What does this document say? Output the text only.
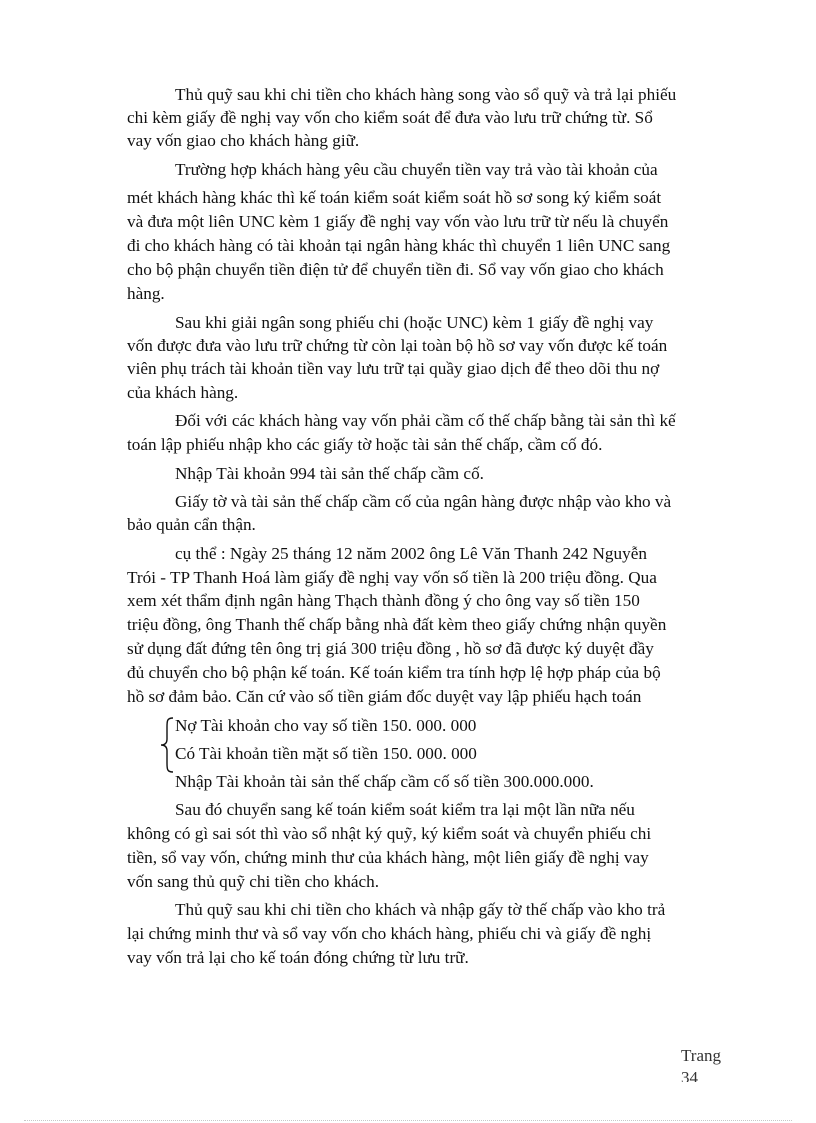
Thủ quỹ sau khi chi tiền cho khách hàng song vào sổ quỹ và trả lại phiếu
chi kèm giấy đề nghị vay vốn cho kiểm soát để đưa vào lưu trữ chứng từ. Sổ
vay vốn giao cho khách hàng giữ.
Trường hợp khách hàng yêu cầu chuyển tiền vay trả vào tài khoản của
mét khách hàng khác thì kế toán kiểm soát kiểm soát hồ sơ song ký kiểm soát
và đưa một liên UNC kèm 1 giấy đề nghị vay vốn vào lưu trữ từ nếu là chuyển
đi cho khách hàng có tài khoản tại ngân hàng khác thì chuyển 1 liên UNC sang
cho bộ phận chuyển tiền điện tử để chuyển tiền đi. Sổ vay vốn giao cho khách
hàng.
Sau khi giải ngân song phiếu chi (hoặc UNC) kèm 1 giấy đề nghị vay
vốn được đưa vào lưu trữ chứng từ còn lại toàn bộ hồ sơ vay vốn được kế toán
viên phụ trách tài khoản tiền vay lưu trữ tại quầy giao dịch để theo dõi thu nợ
của khách hàng.
Đối với các khách hàng vay vốn phải cầm cố thế chấp bằng tài sản thì kế
toán lập phiếu nhập kho các giấy tờ hoặc tài sản thế chấp, cầm cố đó.
Nhập Tài khoản 994 tài sản thế chấp cầm cố.
Giấy tờ và tài sản thế chấp cầm cố của ngân hàng được nhập vào kho và
bảo quản cẩn thận.
cụ thể : Ngày 25 tháng 12 năm 2002 ông Lê Văn Thanh 242 Nguyễn
Trói - TP Thanh Hoá làm giấy đề nghị vay vốn số tiền là 200 triệu đồng. Qua
xem xét thẩm định ngân hàng Thạch thành đồng ý cho ông vay số tiền 150
triệu đồng, ông Thanh thế chấp bằng nhà đất kèm theo giấy chứng nhận quyền
sử dụng đất đứng tên ông trị giá 300 triệu đồng , hồ sơ đã được ký duyệt đầy
đủ chuyển cho bộ phận kế toán. Kế toán kiểm tra tính hợp lệ hợp pháp của bộ
hồ sơ đảm bảo. Căn cứ vào số tiền giám đốc duyệt vay lập phiếu hạch toán
Nợ Tài khoản cho vay số tiền 150. 000. 000
Có Tài khoản tiền mặt số tiền 150. 000. 000
Nhập Tài khoản tài sản thế chấp cầm cố số tiền 300.000.000.
Sau đó chuyển sang kế toán kiểm soát kiểm tra lại một lần nữa nếu
không có gì sai sót thì vào sổ nhật ký quỹ, ký kiểm soát và chuyển phiếu chi
tiền, sổ vay vốn, chứng minh thư của khách hàng, một liên giấy đề nghị vay
vốn sang thủ quỹ chi tiền cho khách.
Thủ quỹ sau khi chi tiền cho khách và nhập gấy tờ thế chấp vào kho trả
lại chứng minh thư và sổ vay vốn cho khách hàng, phiếu chi và giấy đề nghị
vay vốn trả lại cho kế toán đóng chứng từ lưu trữ.
Trang
34
